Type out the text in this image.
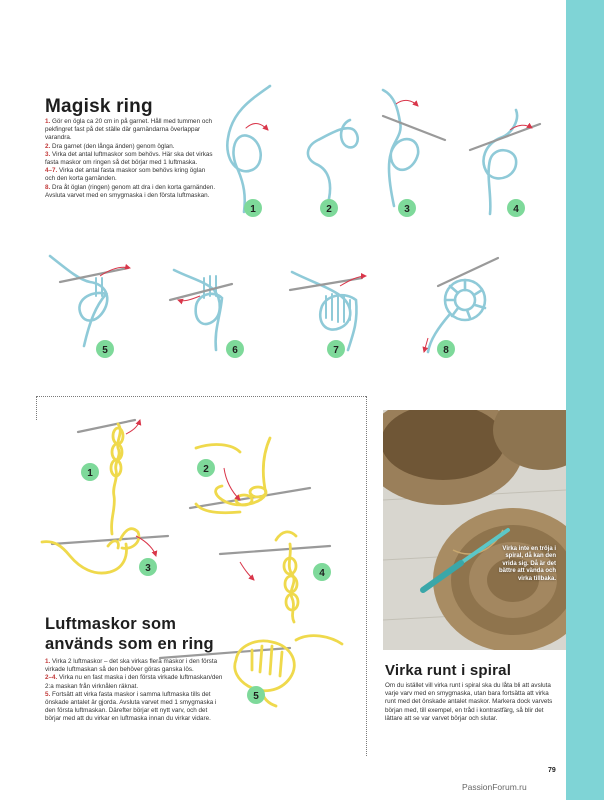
Magisk ring

1. Gör en ögla ca 20 cm in på garnet. Håll med tummen och pekfingret fast på det ställe där garnändarna överlappar varandra.

2. Dra garnet (den långa änden) genom öglan.

3. Virka det antal luftmaskor som behövs. Här ska det virkas fasta maskor om ringen så det börjar med 1 luftmaska.

4–7. Virka det antal fasta maskor som behövs kring öglan och den korta garnänden.

8. Dra åt öglan (ringen) genom att dra i den korta garnänden. Avsluta varvet med en smygmaska i den första luftmaskan.

1	2	3	4
5	6	7	8
1	2
3	4
5
Luftmaskor som
används som en ring

1. Virka 2 luftmaskor – det ska virkas flera maskor i den första virkade luftmaskan så den behöver göras ganska lös.

2–4. Virka nu en fast maska i den första virkade luftmaskan/den 2:a maskan från virknålen räknat.

5. Fortsätt att virka fasta maskor i samma luftmaska tills det önskade antalet är gjorda. Avsluta varvet med 1 smygmaska i den första luftmaskan. Därefter börjar ett nytt varv, och det börjar med att du virkar en luftmaska innan du virkar vidare.

Virka inte en tröja i spiral, då kan den vrida sig. Då är det bättre att vända och virka tillbaka.
Virka runt i spiral
Om du istället vill virka runt i spiral ska du låta bli att avsluta varje varv med en smygmaska, utan bara fortsätta att virka runt med det önskade antalet maskor. Markera dock varvets början med, till exempel, en tråd i kontrastfärg, så blir det lättare att se var varvet börjar och slutar.
79
PassionForum.ru
